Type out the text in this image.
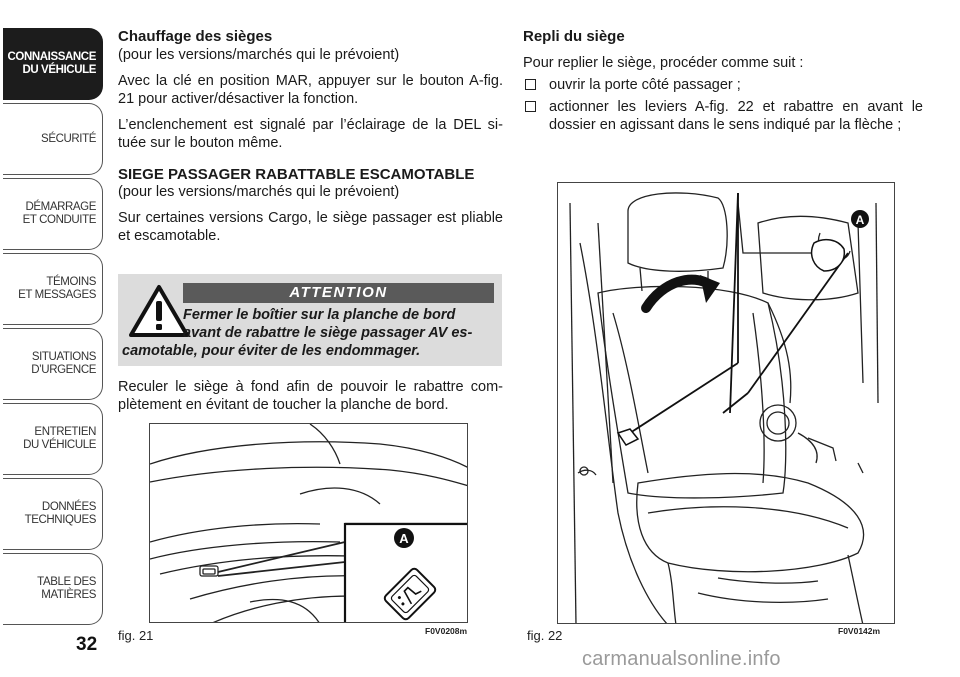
CONNAISSANCE
DU VÉHICULE
SÉCURITÉ
DÉMARRAGE
ET CONDUITE
TÉMOINS
ET MESSAGES
SITUATIONS
D’URGENCE
ENTRETIEN
DU VÉHICULE
DONNÉES
TECHNIQUES
TABLE DES
MATIÈRES
32
Chauffage des sièges

(pour les versions/marchés qui le prévoient)

Avec la clé en position MAR, appuyer sur le bouton A-fig. 21 pour activer/désactiver la fonction.

L’enclenchement est signalé par l’éclairage de la DEL située sur le bouton même.

SIEGE PASSAGER RABATTABLE ESCAMOTABLE

(pour les versions/marchés qui le prévoient)

Sur certaines versions Cargo, le siège passager est pliable et escamotable.

ATTENTION
Fermer le boîtier sur la planche de bord
avant de rabattre le siège passager AV es-
camotable, pour éviter de les endommager.

Reculer le siège à fond afin de pouvoir le rabattre complètement en évitant de toucher la planche de bord.

Repli du siège

Pour replier le siège, procéder comme suit :

ouvrir la porte côté passager ;
actionner les leviers A-fig. 22 et rabattre en avant le dossier en agissant dans le sens indiqué par la flèche ;
A
fig. 21	F0V0208m
A
fig. 22	F0V0142m
carmanualsonline.info
